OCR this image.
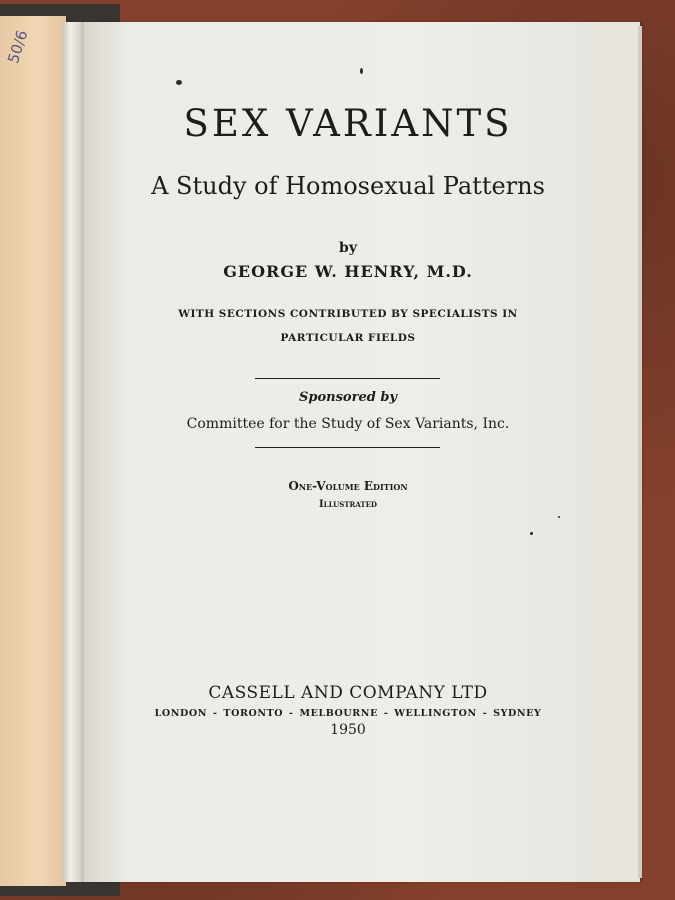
50/6
SEX VARIANTS
A Study of Homosexual Patterns
by
GEORGE W. HENRY, M.D.
WITH SECTIONS CONTRIBUTED BY SPECIALISTS IN
PARTICULAR FIELDS
Sponsored by
Committee for the Study of Sex Variants, Inc.
One-Volume Edition
Illustrated
CASSELL AND COMPANY LTD
LONDON - TORONTO - MELBOURNE - WELLINGTON - SYDNEY
1950
